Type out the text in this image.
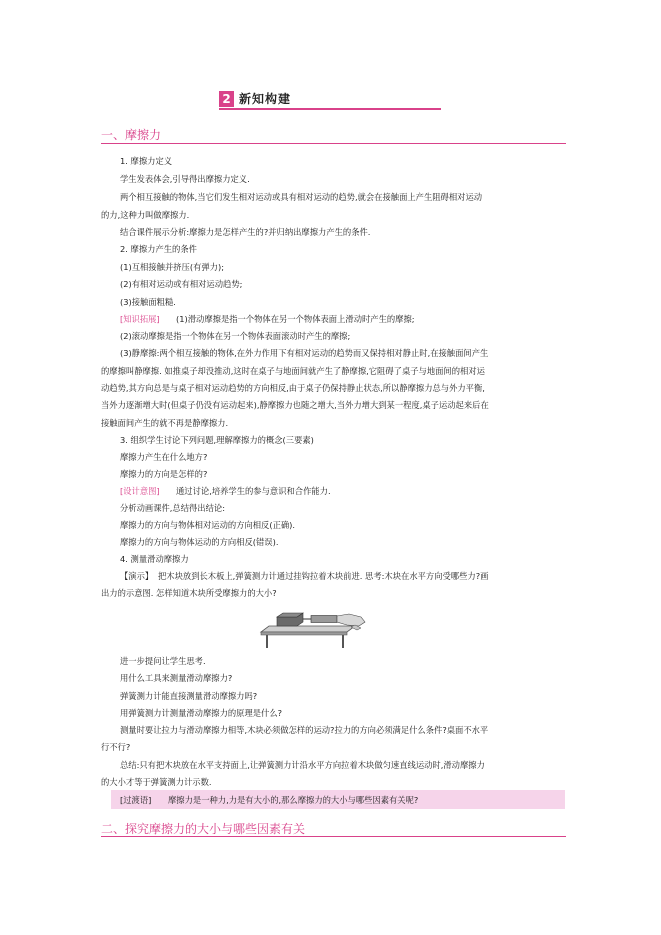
2 新知构建
一、摩擦力
1. 摩擦力定义
学生发表体会,引导得出摩擦力定义.
两个相互接触的物体,当它们发生相对运动或具有相对运动的趋势,就会在接触面上产生阻碍相对运动
的力,这种力叫做摩擦力.
结合课件展示分析:摩擦力是怎样产生的?并归纳出摩擦力产生的条件.
2. 摩擦力产生的条件
(1)互相接触并挤压(有弹力);
(2)有相对运动或有相对运动趋势;
(3)接触面粗糙.
[知识拓展] (1)滑动摩擦是指一个物体在另一个物体表面上滑动时产生的摩擦;
(2)滚动摩擦是指一个物体在另一个物体表面滚动时产生的摩擦;
(3)静摩擦:两个相互接触的物体,在外力作用下有相对运动的趋势而又保持相对静止时,在接触面间产生
的摩擦叫静摩擦. 如推桌子却没推动,这时在桌子与地面间就产生了静摩擦,它阻碍了桌子与地面间的相对运
动趋势,其方向总是与桌子相对运动趋势的方向相反,由于桌子仍保持静止状态,所以静摩擦力总与外力平衡,
当外力逐渐增大时(但桌子仍没有运动起来),静摩擦力也随之增大,当外力增大到某一程度,桌子运动起来后在
接触面间产生的就不再是静摩擦力.
3. 组织学生讨论下列问题,理解摩擦力的概念(三要素)
摩擦力产生在什么地方?
摩擦力的方向是怎样的?
[设计意图] 通过讨论,培养学生的参与意识和合作能力.
分析动画课件,总结得出结论:
摩擦力的方向与物体相对运动的方向相反(正确).
摩擦力的方向与物体运动的方向相反(错误).
4. 测量滑动摩擦力
【演示】 把木块放到长木板上,弹簧测力计通过挂钩拉着木块前进. 思考:木块在水平方向受哪些力?画
出力的示意图. 怎样知道木块所受摩擦力的大小?
进一步提问让学生思考.
用什么工具来测量滑动摩擦力?
弹簧测力计能直接测量滑动摩擦力吗?
用弹簧测力计测量滑动摩擦力的原理是什么?
测量时要让拉力与滑动摩擦力相等,木块必须做怎样的运动?拉力的方向必须满足什么条件?桌面不水平
行不行?
总结:只有把木块放在水平支持面上,让弹簧测力计沿水平方向拉着木块做匀速直线运动时,滑动摩擦力
的大小才等于弹簧测力计示数.
[过渡语] 摩擦力是一种力,力是有大小的,那么摩擦力的大小与哪些因素有关呢?
二、探究摩擦力的大小与哪些因素有关
